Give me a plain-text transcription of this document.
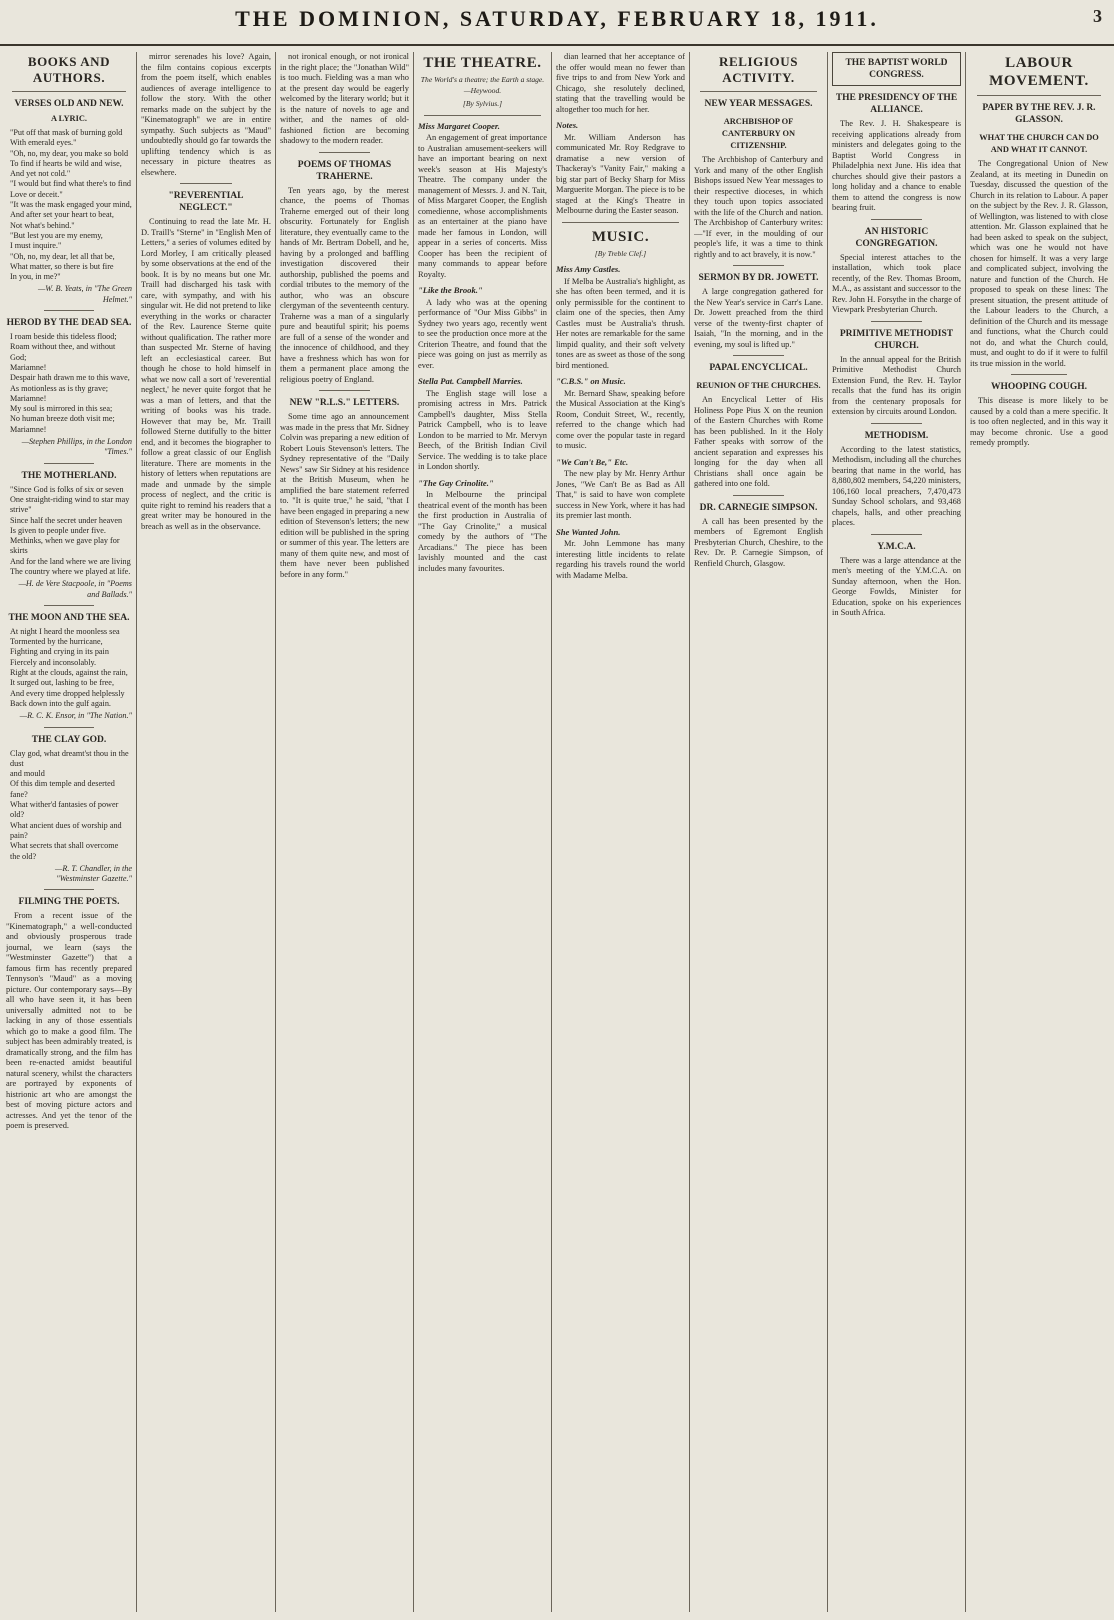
THE DOMINION, SATURDAY, FEBRUARY 18, 1911.	3
BOOKS AND AUTHORS.
VERSES OLD AND NEW.
A LYRIC.
"Put off that mask of burning gold
With emerald eyes."
"Oh, no, my dear, you make so bold
To find if hearts be wild and wise,
And yet not cold."
"I would but find what there's to find
Love or deceit."
"It was the mask engaged your mind,
And after set your heart to beat,
Not what's behind."
"But lest you are my enemy,
I must inquire."
"Oh, no, my dear, let all that be,
What matter, so there is but fire
In you, in me?"
—W. B. Yeats, in "The Green Helmet."
HEROD BY THE DEAD SEA.
I roam beside this tideless flood;
Roam without thee, and without God;
Mariamne!
Despair hath drawn me to this wave,
As motionless as is thy grave;
Mariamne!
My soul is mirrored in this sea;
No human breeze doth visit me;
Mariamne!
—Stephen Phillips, in the London "Times."
THE MOTHERLAND.
"Since God is folks of six or seven
One straight-riding wind to star may strive"
Since half the secret under heaven
Is given to people under five.
Methinks, when we gave play for skirts
And for the land where we are living
The country where we played at life.
—H. de Vere Stacpoole, in "Poems and Ballads."
THE MOON AND THE SEA.
At night I heard the moonless sea
Tormented by the hurricane,
Fighting and crying in its pain
Fiercely and inconsolably.
Right at the clouds, against the rain,
It surged out, lashing to be free,
And every time dropped helplessly
Back down into the gulf again.
—R. C. K. Ensor, in "The Nation."
THE CLAY GOD.
Clay god, what dreamt'st thou in the dust
and mould
Of this dim temple and deserted fane?
What wither'd fantasies of power old?
What ancient dues of worship and pain?
What secrets that shall overcome
the old?
—R. T. Chandler, in the "Westminster Gazette."
FILMING THE POETS.
From a recent issue of the "Kinematograph," a well-conducted and obviously prosperous trade journal, we learn (says the "Westminster Gazette") that a famous firm has recently prepared Tennyson's "Maud" as a moving picture. Our contemporary says—By all who have seen it, it has been universally admitted not to be lacking in any of those essentials which go to make a good film. The subject has been admirably treated, is dramatically strong, and the film has been re-enacted amidst beautiful natural scenery, whilst the characters are portrayed by exponents of histrionic art who are amongst the best of moving picture actors and actresses. And yet the tenor of the poem is preserved.
mirror serenades his love? Again, the film contains copious excerpts from the poem itself, which enables audiences of average intelligence to follow the story. With the other remarks made on the subject by the "Kinematograph" we are in entire sympathy. Such subjects as "Maud" undoubtedly should go far towards the uplifting tendency which is as necessary in picture theatres as elsewhere.
"REVERENTIAL NEGLECT."
Continuing to read the late Mr. H. D. Traill's "Sterne" in "English Men of Letters," a series of volumes edited by Lord Morley, I am critically pleased by some observations at the end of the book. It is by no means but one Mr. Traill had discharged his task with care, with sympathy, and with his singular wit. He did not pretend to like everything in the works or character of the Rev. Laurence Sterne quite without qualification. The rather more than suspected Mr. Sterne of having left an ecclesiastical career. But though he chose to hold himself in what we now call a sort of 'reverential neglect,' he never quite forgot that he was a man of letters, and that the writing of books was his trade. However that may be, Mr. Traill followed Sterne dutifully to the bitter end, and it becomes the biographer to follow a great classic of our English literature. There are moments in the history of letters when reputations are made and unmade by the simple process of neglect, and the critic is quite right to remind his readers that a great writer may be honoured in the breach as well as in the observance.
not ironical enough, or not ironical in the right place; the "Jonathan Wild" is too much. Fielding was a man who at the present day would be eagerly welcomed by the literary world; but it is the nature of novels to age and wither, and the names of old-fashioned fiction are becoming shadowy to the modern reader.
POEMS OF THOMAS TRAHERNE.
Ten years ago, by the merest chance, the poems of Thomas Traherne emerged out of their long obscurity. Fortunately for English literature, they eventually came to the hands of Mr. Bertram Dobell, and he, having by a prolonged and baffling investigation discovered their authorship, published the poems and cordial tributes to the memory of the author, who was an obscure clergyman of the seventeenth century. Traherne was a man of a singularly pure and beautiful spirit; his poems are full of a sense of the wonder and the innocence of childhood, and they have a freshness which has won for them a permanent place among the religious poetry of England.
NEW "R.L.S." LETTERS.
Some time ago an announcement was made in the press that Mr. Sidney Colvin was preparing a new edition of Robert Louis Stevenson's letters. The Sydney representative of the "Daily News" saw Sir Sidney at his residence at the British Museum, when he amplified the bare statement referred to. "It is quite true," he said, "that I have been engaged in preparing a new edition of Stevenson's letters; the new edition will be published in the spring or summer of this year. The letters are many of them quite new, and most of them have never been published before in any form."
THE THEATRE.
The World's a theatre; the Earth a stage.—Heywood.
[By Sylvius.]
Miss Margaret Cooper.
An engagement of great importance to Australian amusement-seekers will have an important bearing on next week's season at His Majesty's Theatre. The company under the management of Messrs. J. and N. Tait, of Miss Margaret Cooper, the English comedienne, whose accomplishments as an entertainer at the piano have made her famous in London, will appear in a series of concerts. Miss Cooper has been the recipient of many commands to appear before Royalty.
"Like the Brook."
A lady who was at the opening performance of "Our Miss Gibbs" in Sydney two years ago, recently went to see the production once more at the Criterion Theatre, and found that the piece was going on just as merrily as ever.
Stella Pat. Campbell Marries.
The English stage will lose a promising actress in Mrs. Patrick Campbell's daughter, Miss Stella Patrick Campbell, who is to leave London to be married to Mr. Mervyn Beech, of the British Indian Civil Service. The wedding is to take place in London shortly.
"The Gay Crinolite."
In Melbourne the principal theatrical event of the month has been the first production in Australia of "The Gay Crinolite," a musical comedy by the authors of "The Arcadians." The piece has been lavishly mounted and the cast includes many favourites.
dian learned that her acceptance of the offer would mean no fewer than five trips to and from New York and Chicago, she resolutely declined, stating that the travelling would be altogether too much for her.
Notes.
Mr. William Anderson has communicated Mr. Roy Redgrave to dramatise a new version of Thackeray's "Vanity Fair," making a big star part of Becky Sharp for Miss Marguerite Morgan. The piece is to be staged at the King's Theatre in Melbourne during the Easter season.
MUSIC.
[By Treble Clef.]
Miss Amy Castles.
If Melba be Australia's highlight, as she has often been termed, and it is only permissible for the continent to claim one of the species, then Amy Castles must be Australia's thrush. Her notes are remarkable for the same limpid quality, and their soft velvety tones are as sweet as those of the song bird mentioned.
"C.B.S." on Music.
Mr. Bernard Shaw, speaking before the Musical Association at the King's Room, Conduit Street, W., recently, referred to the change which had come over the popular taste in regard to music.
"We Can't Be," Etc.
The new play by Mr. Henry Arthur Jones, "We Can't Be as Bad as All That," is said to have won complete success in New York, where it has had its premier last month.
She Wanted John.
Mr. John Lemmone has many interesting little incidents to relate regarding his travels round the world with Madame Melba.
RELIGIOUS ACTIVITY.
NEW YEAR MESSAGES.
ARCHBISHOP OF CANTERBURY ON CITIZENSHIP.
The Archbishop of Canterbury and York and many of the other English Bishops issued New Year messages to their respective dioceses, in which they touch upon topics associated with the life of the Church and nation. The Archbishop of Canterbury writes:—"If ever, in the moulding of our people's life, it was a time to think rightly and to act bravely, it is now."
SERMON BY DR. JOWETT.
A large congregation gathered for the New Year's service in Carr's Lane. Dr. Jowett preached from the third verse of the twenty-first chapter of Isaiah, "In the morning, and in the evening, my soul is lifted up."
PAPAL ENCYCLICAL.
REUNION OF THE CHURCHES.
An Encyclical Letter of His Holiness Pope Pius X on the reunion of the Eastern Churches with Rome has been published. In it the Holy Father speaks with sorrow of the ancient separation and expresses his longing for the day when all Christians shall once again be gathered into one fold.
DR. CARNEGIE SIMPSON.
A call has been presented by the members of Egremont English Presbyterian Church, Cheshire, to the Rev. Dr. P. Carnegie Simpson, of Renfield Church, Glasgow.
THE BAPTIST WORLD CONGRESS.
THE PRESIDENCY OF THE ALLIANCE.
The Rev. J. H. Shakespeare is receiving applications already from ministers and delegates going to the Baptist World Congress in Philadelphia next June. His idea that churches should give their pastors a long holiday and a chance to enable them to attend the congress is now bearing fruit.
AN HISTORIC CONGREGATION.
Special interest attaches to the installation, which took place recently, of the Rev. Thomas Broom, M.A., as assistant and successor to the Rev. John H. Forsythe in the charge of Viewpark Presbyterian Church.
PRIMITIVE METHODIST CHURCH.
In the annual appeal for the British Primitive Methodist Church Extension Fund, the Rev. H. Taylor recalls that the fund has its origin from the centenary proposals for extension by circuits around London.
METHODISM.
According to the latest statistics, Methodism, including all the churches bearing that name in the world, has 8,880,802 members, 54,220 ministers, 106,160 local preachers, 7,470,473 Sunday School scholars, and 93,468 chapels, halls, and other preaching places.
Y.M.C.A.
There was a large attendance at the men's meeting of the Y.M.C.A. on Sunday afternoon, when the Hon. George Fowlds, Minister for Education, spoke on his experiences in South Africa.
LABOUR MOVEMENT.
PAPER BY THE REV. J. R. GLASSON.
WHAT THE CHURCH CAN DO AND WHAT IT CANNOT.
The Congregational Union of New Zealand, at its meeting in Dunedin on Tuesday, discussed the question of the Church in its relation to Labour. A paper on the subject by the Rev. J. R. Glasson, of Wellington, was listened to with close attention. Mr. Glasson explained that he had been asked to speak on the subject, which was one he would not have chosen for himself. It was a very large and complicated subject, involving the nature and function of the Church. He proposed to speak on these lines: The present situation, the present attitude of the Labour leaders to the Church, a definition of the Church and its message and functions, what the Church could not do, and what the Church could, must, and ought to do if it were to fulfil its true mission in the world.
WHOOPING COUGH.
This disease is more likely to be caused by a cold than a mere specific. It is too often neglected, and in this way it may become chronic. Use a good remedy promptly.
